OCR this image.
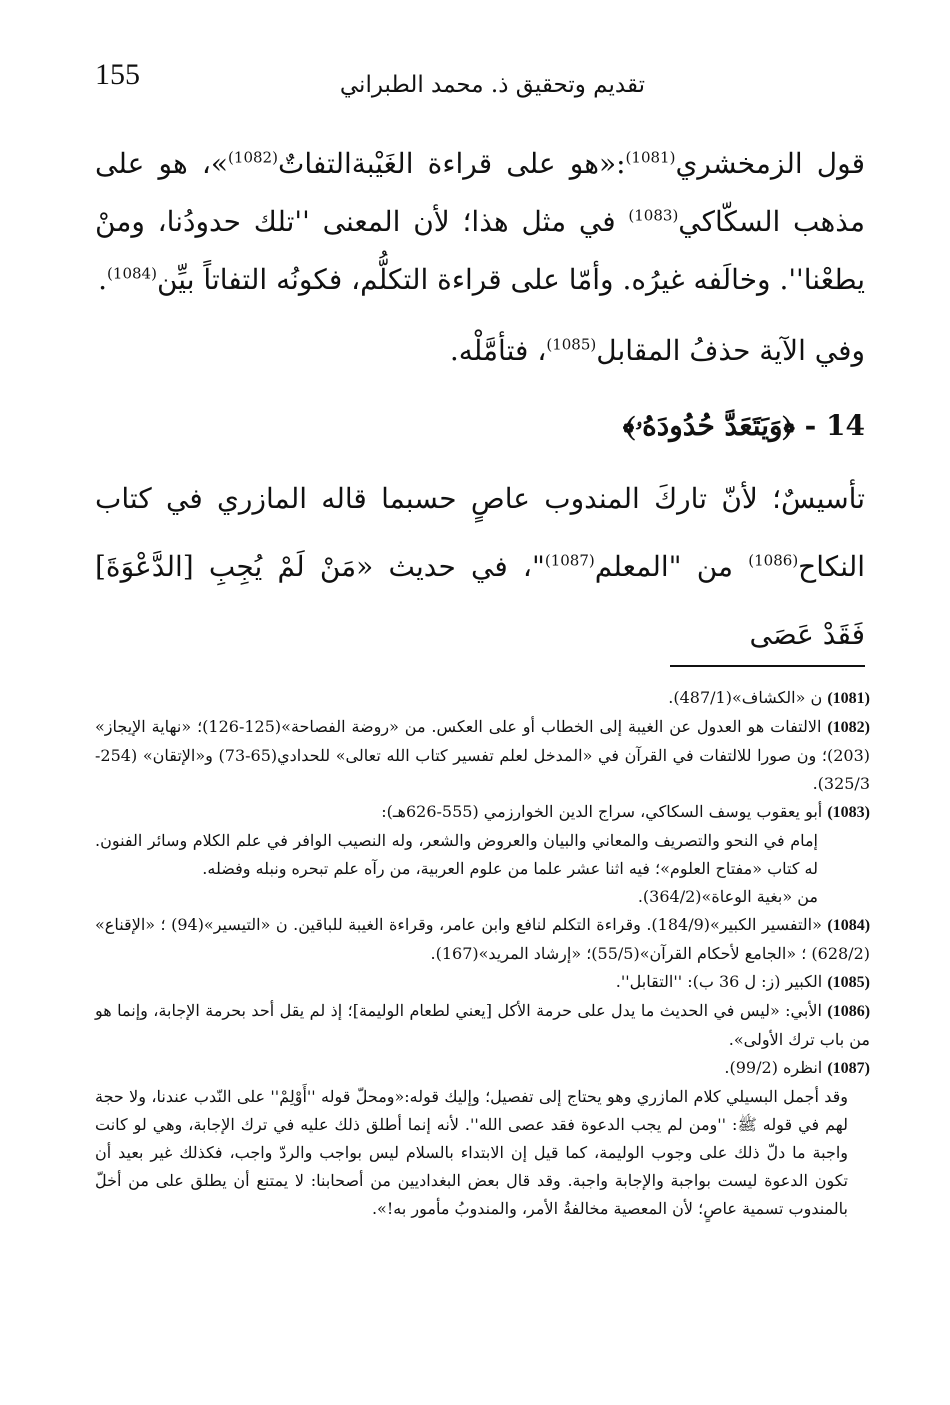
155	تقديم وتحقيق ذ. محمد الطبراني

قول الزمخشري$^{(1081)}$:«هو على قراءة الغَيْبةالتفاتٌ$^{(1082)}$»، هو على مذهب السكّاكي$^{(1083)}$ في مثل هذا؛ لأن المعنى ''تلك حدودُنا، ومنْ يطعْنا''. وخالَفه غيرُه. وأمّا على قراءة التكلُّم، فكونُه التفاتاً بيِّن$^{(1084)}$.

وفي الآية حذفُ المقابل$^{(1085)}$، فتأمَّلْه.

14 - ﴿وَيَتَعَدَّ حُدُودَهُۥ﴾

تأسيسٌ؛ لأنّ تاركَ المندوب عاصٍ حسبما قاله المازري في كتاب النكاح$^{(1086)}$ من "المعلم$^{(1087)}$"، في حديث «مَنْ لَمْ يُجِبِ [الدَّعْوَةَ] فَقَدْ عَصَى

(1081) ن «الكشاف»(487/1).

(1082) الالتفات هو العدول عن الغيبة إلى الخطاب أو على العكس. من «روضة الفصاحة»(125-126)؛ «نهاية الإيجاز» (203)؛ ون صورا للالتفات في القرآن في «المدخل لعلم تفسير كتاب الله تعالى» للحدادي(65-73) و«الإتقان» (254-325/3).

(1083) أبو يعقوب يوسف السكاكي، سراج الدين الخوارزمي (555-626هـ):

إمام في النحو والتصريف والمعاني والبيان والعروض والشعر، وله النصيب الوافر في علم الكلام وسائر الفنون. له كتاب «مفتاح العلوم»؛ فيه اثنا عشر علما من علوم العربية، من رآه علم تبحره ونبله وفضله.

من «بغية الوعاة»(364/2).

(1084) «التفسير الكبير»(184/9). وقراءة التكلم لنافع وابن عامر، وقراءة الغيبة للباقين. ن «التيسير»(94) ؛ «الإقناع» (628/2) ؛ «الجامع لأحكام القرآن»(55/5)؛ «إرشاد المريد»(167).

(1085) الكبير (ز: ل 36 ب): ''التقابل''.

(1086) الأبي: «ليس في الحديث ما يدل على حرمة الأكل [يعني لطعام الوليمة]؛ إذ لم يقل أحد بحرمة الإجابة، وإنما هو من باب ترك الأولى».

(1087) انظره (99/2).

وقد أجمل البسيلي كلام المازري وهو يحتاج إلى تفصيل؛ وإليك قوله:«ومحلّ قوله ''أَوْلِمْ'' على النّدب عندنا، ولا حجة لهم في قوله ﷺ: ''ومن لم يجب الدعوة فقد عصى الله''. لأنه إنما أطلق ذلك عليه في ترك الإجابة، وهي لو كانت واجبة ما دلّ ذلك على وجوب الوليمة، كما قيل إن الابتداء بالسلام ليس بواجب والردّ واجب، فكذلك غير بعيد أن تكون الدعوة ليست بواجبة والإجابة واجبة. وقد قال بعض البغداديين من أصحابنا: لا يمتنع أن يطلق على من أخلّ بالمندوب تسمية عاصٍ؛ لأن المعصية مخالفةُ الأمر، والمندوبُ مأمور به!».
